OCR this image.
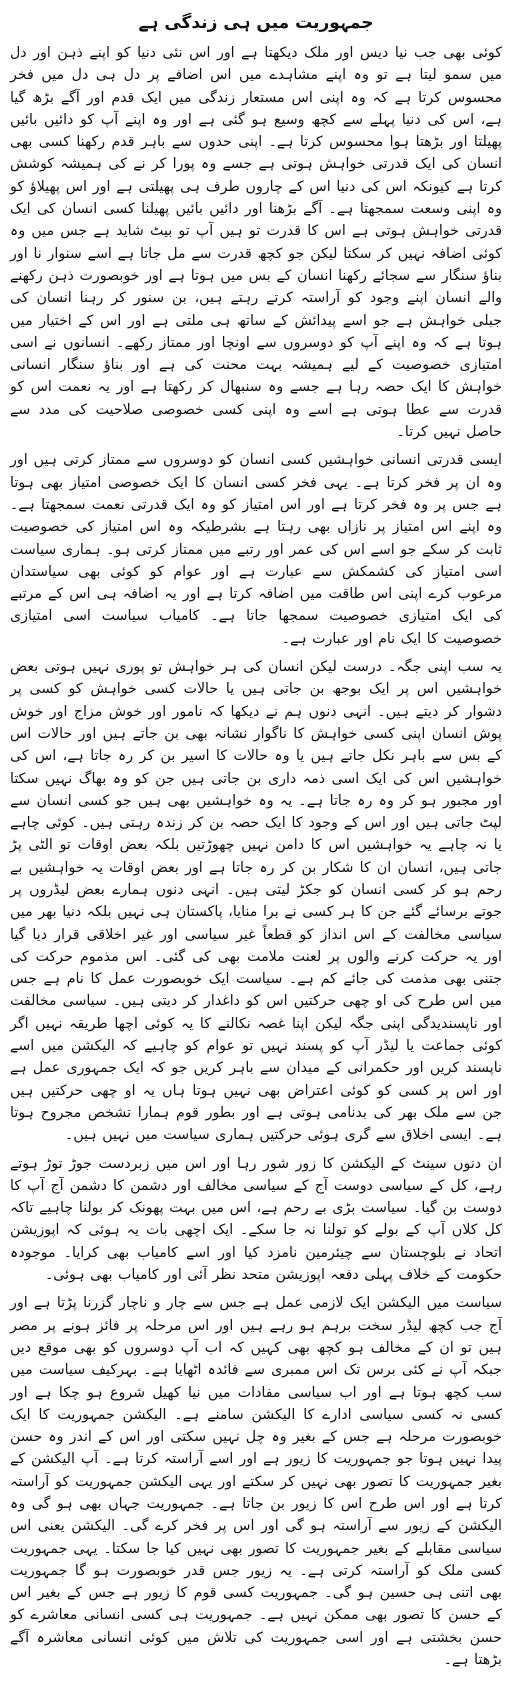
جمہوریت میں ہی زندگی ہے

کوئی بھی جب نیا دیس اور ملک دیکھتا ہے اور اس نئی دنیا کو اپنے ذہن اور دل میں سمو لیتا ہے تو وہ اپنے مشاہدے میں اس اضافے پر دل ہی دل میں فخر محسوس کرتا ہے کہ وہ اپنی اس مستعار زندگی میں ایک قدم اور آگے بڑھ گیا ہے، اس کی دنیا پہلے سے کچھ وسیع ہو گئی ہے اور وہ اپنے آپ کو دائیں بائیں پھیلتا اور بڑھتا ہوا محسوس کرتا ہے۔ اپنی حدوں سے باہر قدم رکھنا کسی بھی انسان کی ایک قدرتی خواہش ہوتی ہے جسے وہ پورا کر نے کی ہمیشہ کوشش کرتا ہے کیونکہ اس کی دنیا اس کے چاروں طرف ہی پھیلتی ہے اور اس پھیلاؤ کو وہ اپنی وسعت سمجھتا ہے۔ آگے بڑھنا اور دائیں بائیں پھیلنا کسی انسان کی ایک قدرتی خواہش ہوتی ہے اس کا قدرت تو ہیں آپ تو بیٹ شاید ہے جس میں وہ کوئی اضافہ نہیں کر سکتا لیکن جو کچھ قدرت سے مل جاتا ہے اسے سنوار نا اور بناؤ سنگار سے سجائے رکھنا انسان کے بس میں ہوتا ہے اور خوبصورت ذہن رکھنے والے انسان اپنے وجود کو آراستہ کرتے رہتے ہیں، بن سنور کر رہنا انسان کی جبلی خواہش ہے جو اسے پیدائش کے ساتھ ہی ملتی ہے اور اس کے اختیار میں ہوتا ہے کہ وہ اپنے آپ کو دوسروں سے اونچا اور ممتاز رکھے۔ انسانوں نے اسی امتیازی خصوصیت کے لیے ہمیشہ بہت محنت کی ہے اور بناؤ سنگار انسانی خواہش کا ایک حصہ رہا ہے جسے وہ سنبھال کر رکھتا ہے اور یہ نعمت اس کو قدرت سے عطا ہوتی ہے اسے وہ اپنی کسی خصوصی صلاحیت کی مدد سے حاصل نہیں کرتا۔

ایسی قدرتی انسانی خواہشیں کسی انسان کو دوسروں سے ممتاز کرتی ہیں اور وہ ان پر فخر کرتا ہے۔ یہی فخر کسی انسان کا ایک خصوصی امتیاز بھی ہوتا ہے جس پر وہ فخر کرتا ہے اور اس امتیاز کو وہ ایک قدرتی نعمت سمجھتا ہے۔ وہ اپنے اس امتیاز پر نازاں بھی رہتا ہے بشرطیکہ وہ اس امتیاز کی خصوصیت ثابت کر سکے جو اسے اس کی عمر اور رتبے میں ممتاز کرتی ہو۔ ہماری سیاست اسی امتیاز کی کشمکش سے عبارت ہے اور عوام کو کوئی بھی سیاستدان مرعوب کرے اپنی اس طاقت میں اضافہ کرتا ہے اور یہ اضافہ ہی اس کے مرتبے کی ایک امتیازی خصوصیت سمجھا جاتا ہے۔ کامیاب سیاست اسی امتیازی خصوصیت کا ایک نام اور عبارت ہے۔

یہ سب اپنی جگہ۔ درست لیکن انسان کی ہر خواہش تو پوری نہیں ہوتی بعض خواہشیں اس پر ایک بوجھ بن جاتی ہیں یا حالات کسی خواہش کو کسی پر دشوار کر دیتے ہیں۔ انہی دنوں ہم نے دیکھا کہ نامور اور خوش مزاج اور خوش پوش انسان اپنی کسی خواہش کا ناگوار نشانہ بھی بن جاتے ہیں اور حالات اس کے بس سے باہر نکل جاتے ہیں یا وہ حالات کا اسیر بن کر رہ جاتا ہے، اس کی خواہشیں اس کی ایک اسی ذمہ داری بن جاتی ہیں جن کو وہ بھاگ نہیں سکتا اور مجبور ہو کر وہ رہ جاتا ہے۔ یہ وہ خواہشیں بھی ہیں جو کسی انسان سے لپٹ جاتی ہیں اور اس کے وجود کا ایک حصہ بن کر زندہ رہتی ہیں۔ کوئی چاہے یا نہ چاہے یہ خواہشیں اس کا دامن نہیں چھوڑتیں بلکہ بعض اوقات تو الٹی پڑ جاتی ہیں، انسان ان کا شکار بن کر رہ جاتا ہے اور بعض اوقات یہ خواہشیں بے رحم ہو کر کسی انسان کو جکڑ لیتی ہیں۔ انہی دنوں ہمارے بعض لیڈروں پر جوتے برسائے گئے جن کا ہر کسی نے برا منایا، پاکستان ہی نہیں بلکہ دنیا بھر میں سیاسی مخالفت کے اس انداز کو قطعاً غیر سیاسی اور غیر اخلاقی قرار دیا گیا اور یہ حرکت کرنے والوں پر لعنت ملامت بھی کی گئی۔ اس مذموم حرکت کی جتنی بھی مذمت کی جائے کم ہے۔ سیاست ایک خوبصورت عمل کا نام ہے جس میں اس طرح کی او چھی حرکتیں اس کو داغدار کر دیتی ہیں۔ سیاسی مخالفت اور ناپسندیدگی اپنی جگہ لیکن اپنا غصہ نکالنے کا یہ کوئی اچھا طریقہ نہیں اگر کوئی جماعت یا لیڈر آپ کو پسند نہیں تو عوام کو چاہیے کہ الیکشن میں اسے ناپسند کریں اور حکمرانی کے میدان سے باہر کریں جو کہ ایک جمہوری عمل ہے اور اس پر کسی کو کوئی اعتراض بھی نہیں ہوتا ہاں یہ او چھی حرکتیں ہیں جن سے ملک بھر کی بدنامی ہوتی ہے اور بطور قوم ہمارا تشخص مجروح ہوتا ہے۔ ایسی اخلاق سے گری ہوئی حرکتیں ہماری سیاست میں نہیں ہیں۔

ان دنوں سینٹ کے الیکشن کا زور شور رہا اور اس میں زبردست جوڑ توڑ ہوتے رہے، کل کے سیاسی دوست آج کے سیاسی مخالف اور دشمن کا دشمن آج آپ کا دوست بن گیا۔ سیاست بڑی بے رحم ہے، اس میں بہت پھونک کر بولنا چاہیے تاکہ کل کلاں آپ کے بولے کو تولنا نہ جا سکے۔ ایک اچھی بات یہ ہوئی کہ اپوزیشن اتحاد نے بلوچستان سے چیئرمین نامزد کیا اور اسے کامیاب بھی کرایا۔ موجودہ حکومت کے خلاف پہلی دفعہ اپوزیشن متحد نظر آئی اور کامیاب بھی ہوئی۔

سیاست میں الیکشن ایک لازمی عمل ہے جس سے چار و ناچار گزرنا پڑتا ہے اور آج جب کچھ لیڈر سخت برہم ہو رہے ہیں اور اس مرحلہ پر فائز ہونے پر مصر ہیں تو ان کے مخالف ہو کچھ بھی کہیں کہ اب آپ دوسروں کو بھی موقع دیں جبکہ آپ نے کئی برس تک اس ممبری سے فائدہ اٹھایا ہے۔ بہرکیف سیاست میں سب کچھ ہوتا ہے اور اب سیاسی مفادات میں نیا کھیل شروع ہو چکا ہے اور کسی نہ کسی سیاسی ادارے کا الیکشن سامنے ہے۔ الیکشن جمہوریت کا ایک خوبصورت مرحلہ ہے جس کے بغیر وہ چل نہیں سکتی اور اس کے اندر وہ حسن پیدا نہیں ہوتا جو جمہوریت کا زیور ہے اور اسے آراستہ کرتا ہے۔ آپ الیکشن کے بغیر جمہوریت کا تصور بھی نہیں کر سکتے اور یہی الیکشن جمہوریت کو آراستہ کرتا ہے اور اس طرح اس کا زیور بن جاتا ہے۔ جمہوریت جہاں بھی ہو گی وہ الیکشن کے زیور سے آراستہ ہو گی اور اس پر فخر کرے گی۔ الیکشن یعنی اس سیاسی مقابلے کے بغیر جمہوریت کا تصور بھی نہیں کیا جا سکتا۔ یہی جمہوریت کسی ملک کو آراستہ کرتی ہے۔ یہ زیور جس قدر خوبصورت ہو گا جمہوریت بھی اتنی ہی حسین ہو گی۔ جمہوریت کسی قوم کا زیور ہے جس کے بغیر اس کے حسن کا تصور بھی ممکن نہیں ہے۔ جمہوریت ہی کسی انسانی معاشرے کو حسن بخشتی ہے اور اسی جمہوریت کی تلاش میں کوئی انسانی معاشرہ آگے بڑھتا ہے۔
